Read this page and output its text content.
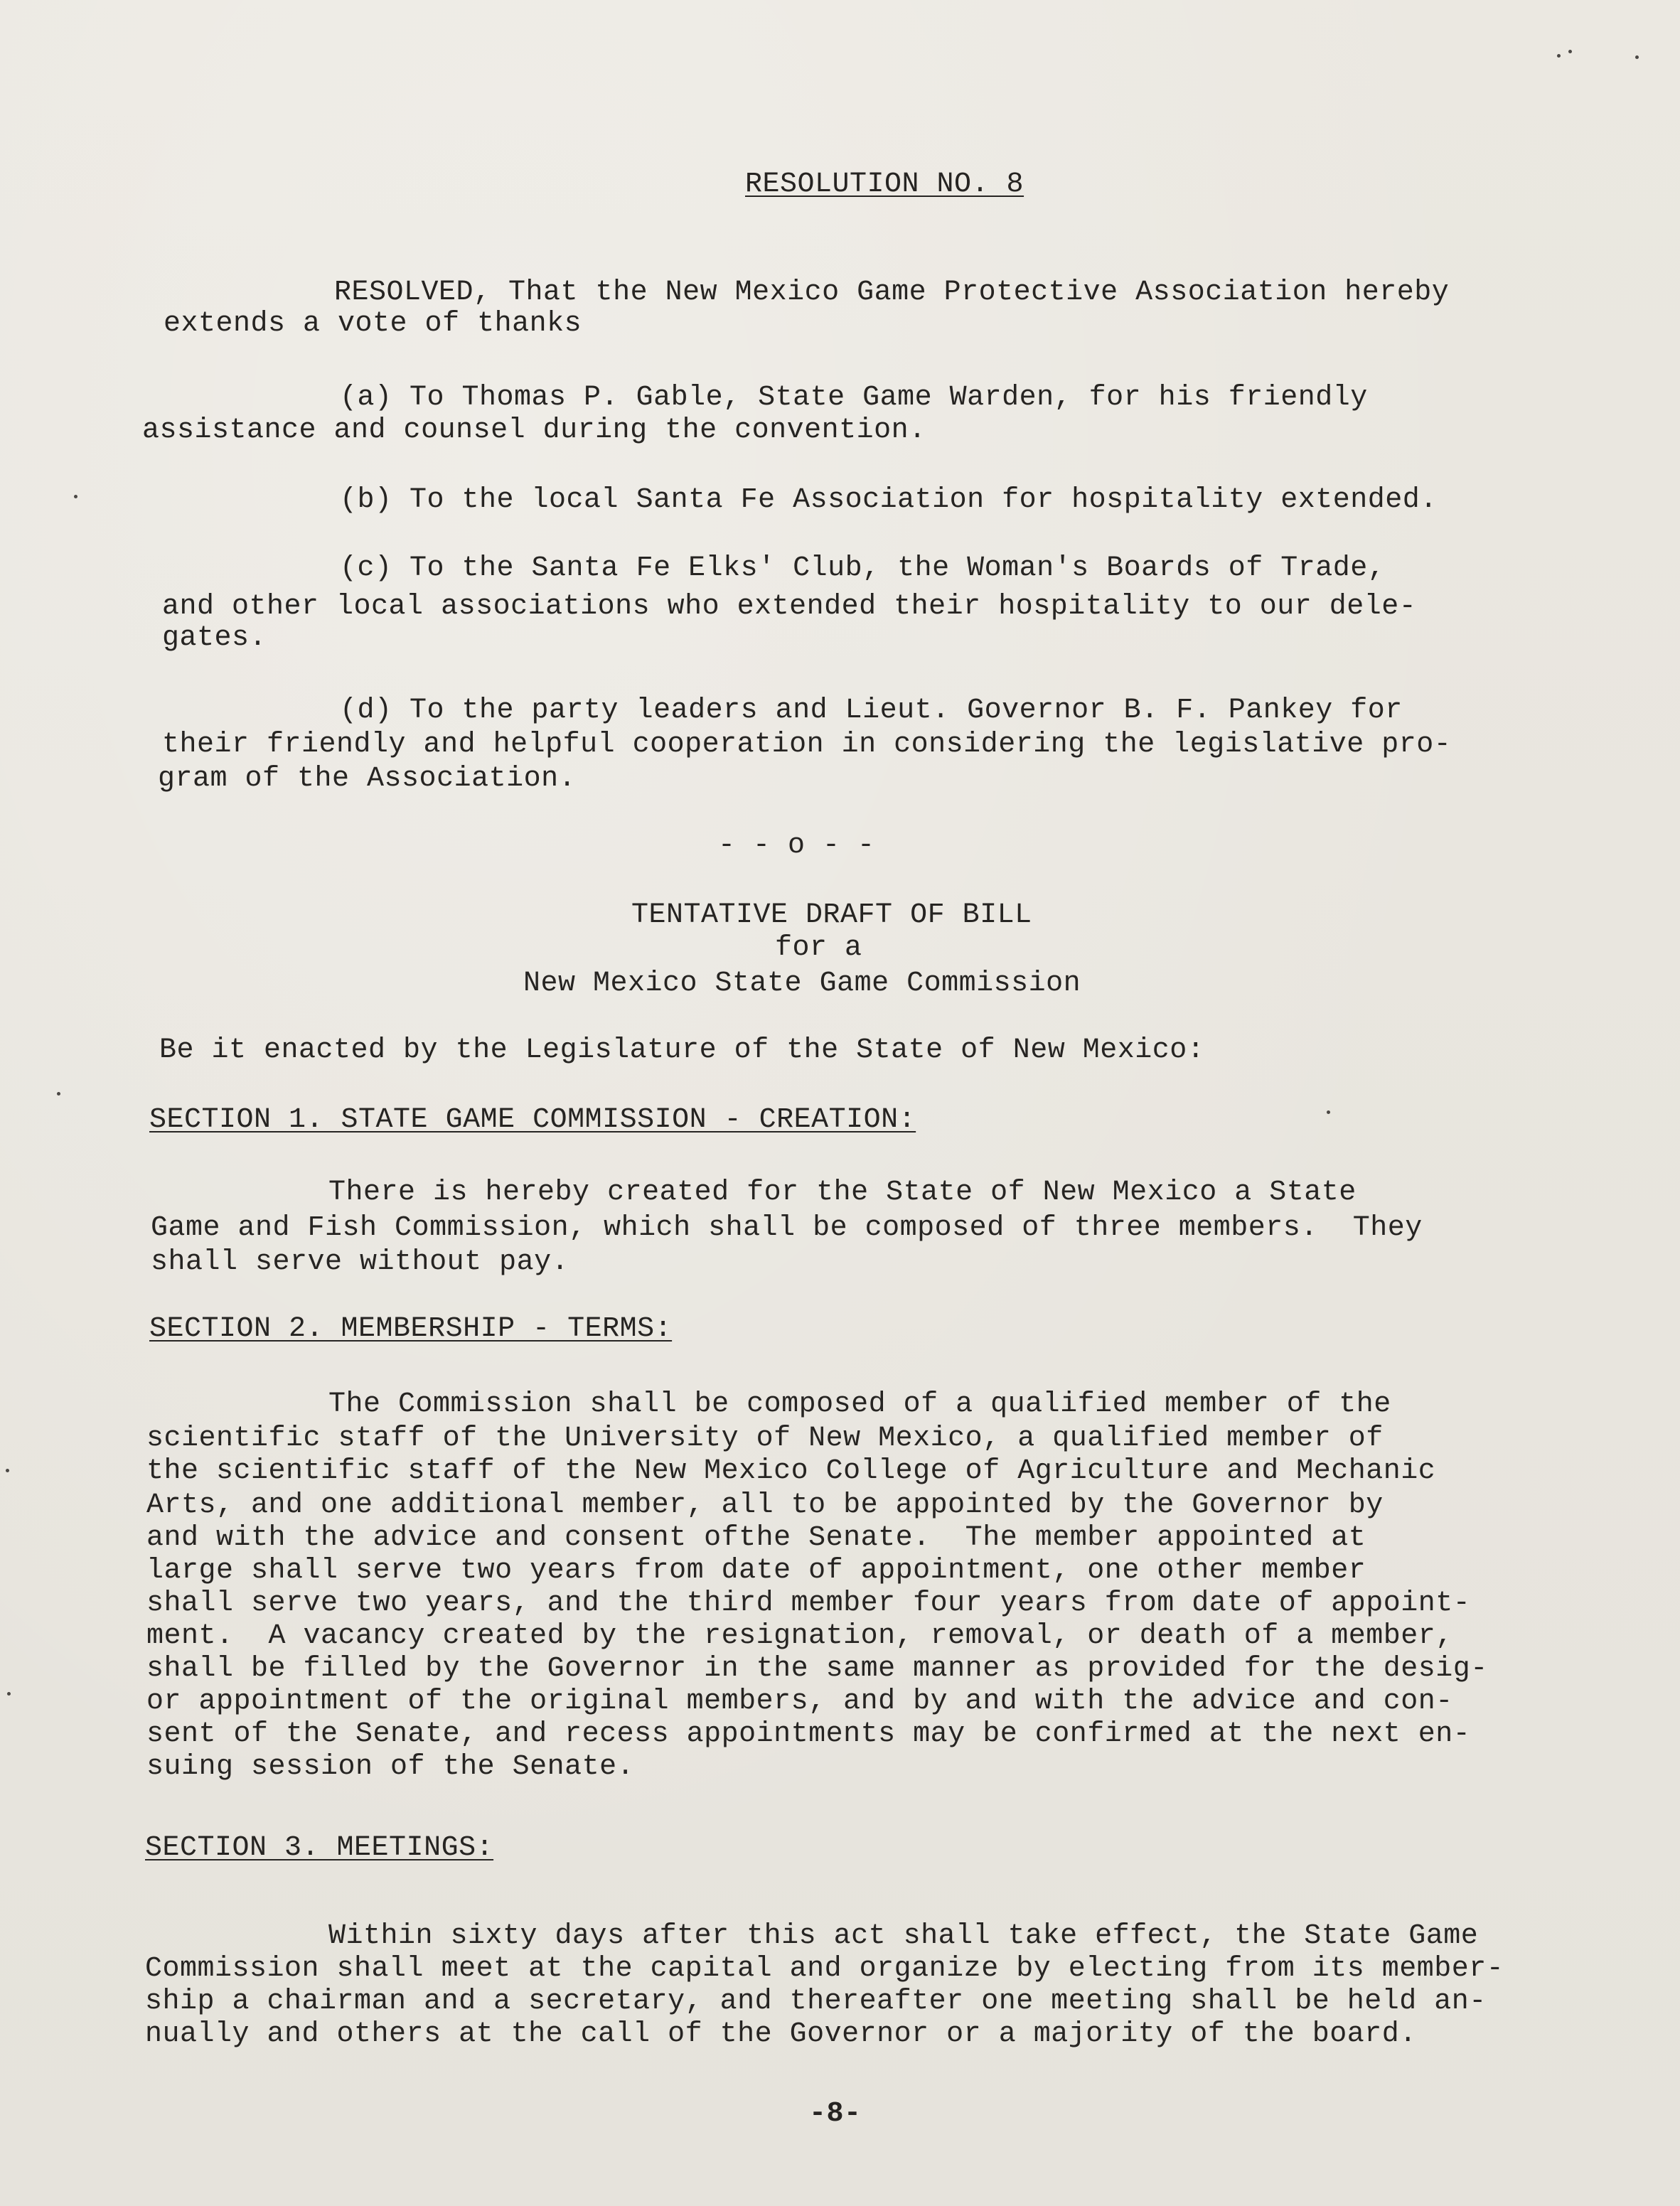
RESOLUTION NO. 8
RESOLVED, That the New Mexico Game Protective Association hereby
extends a vote of thanks
(a) To Thomas P. Gable, State Game Warden, for his friendly
assistance and counsel during the convention.
(b) To the local Santa Fe Association for hospitality extended.
(c) To the Santa Fe Elks' Club, the Woman's Boards of Trade,
and other local associations who extended their hospitality to our dele-
gates.
(d) To the party leaders and Lieut. Governor B. F. Pankey for
their friendly and helpful cooperation in considering the legislative pro-
gram of the Association.
- - o - -
TENTATIVE DRAFT OF BILL
for a
New Mexico State Game Commission
Be it enacted by the Legislature of the State of New Mexico:
SECTION 1. STATE GAME COMMISSION - CREATION:
There is hereby created for the State of New Mexico a State
Game and Fish Commission, which shall be composed of three members.  They
shall serve without pay.
SECTION 2. MEMBERSHIP - TERMS:
The Commission shall be composed of a qualified member of the
scientific staff of the University of New Mexico, a qualified member of
the scientific staff of the New Mexico College of Agriculture and Mechanic
Arts, and one additional member, all to be appointed by the Governor by
and with the advice and consent ofthe Senate.  The member appointed at
large shall serve two years from date of appointment, one other member
shall serve two years, and the third member four years from date of appoint-
ment.  A vacancy created by the resignation, removal, or death of a member,
shall be filled by the Governor in the same manner as provided for the desig-
or appointment of the original members, and by and with the advice and con-
sent of the Senate, and recess appointments may be confirmed at the next en-
suing session of the Senate.
SECTION 3. MEETINGS:
Within sixty days after this act shall take effect, the State Game
Commission shall meet at the capital and organize by electing from its member-
ship a chairman and a secretary, and thereafter one meeting shall be held an-
nually and others at the call of the Governor or a majority of the board.
-8-
